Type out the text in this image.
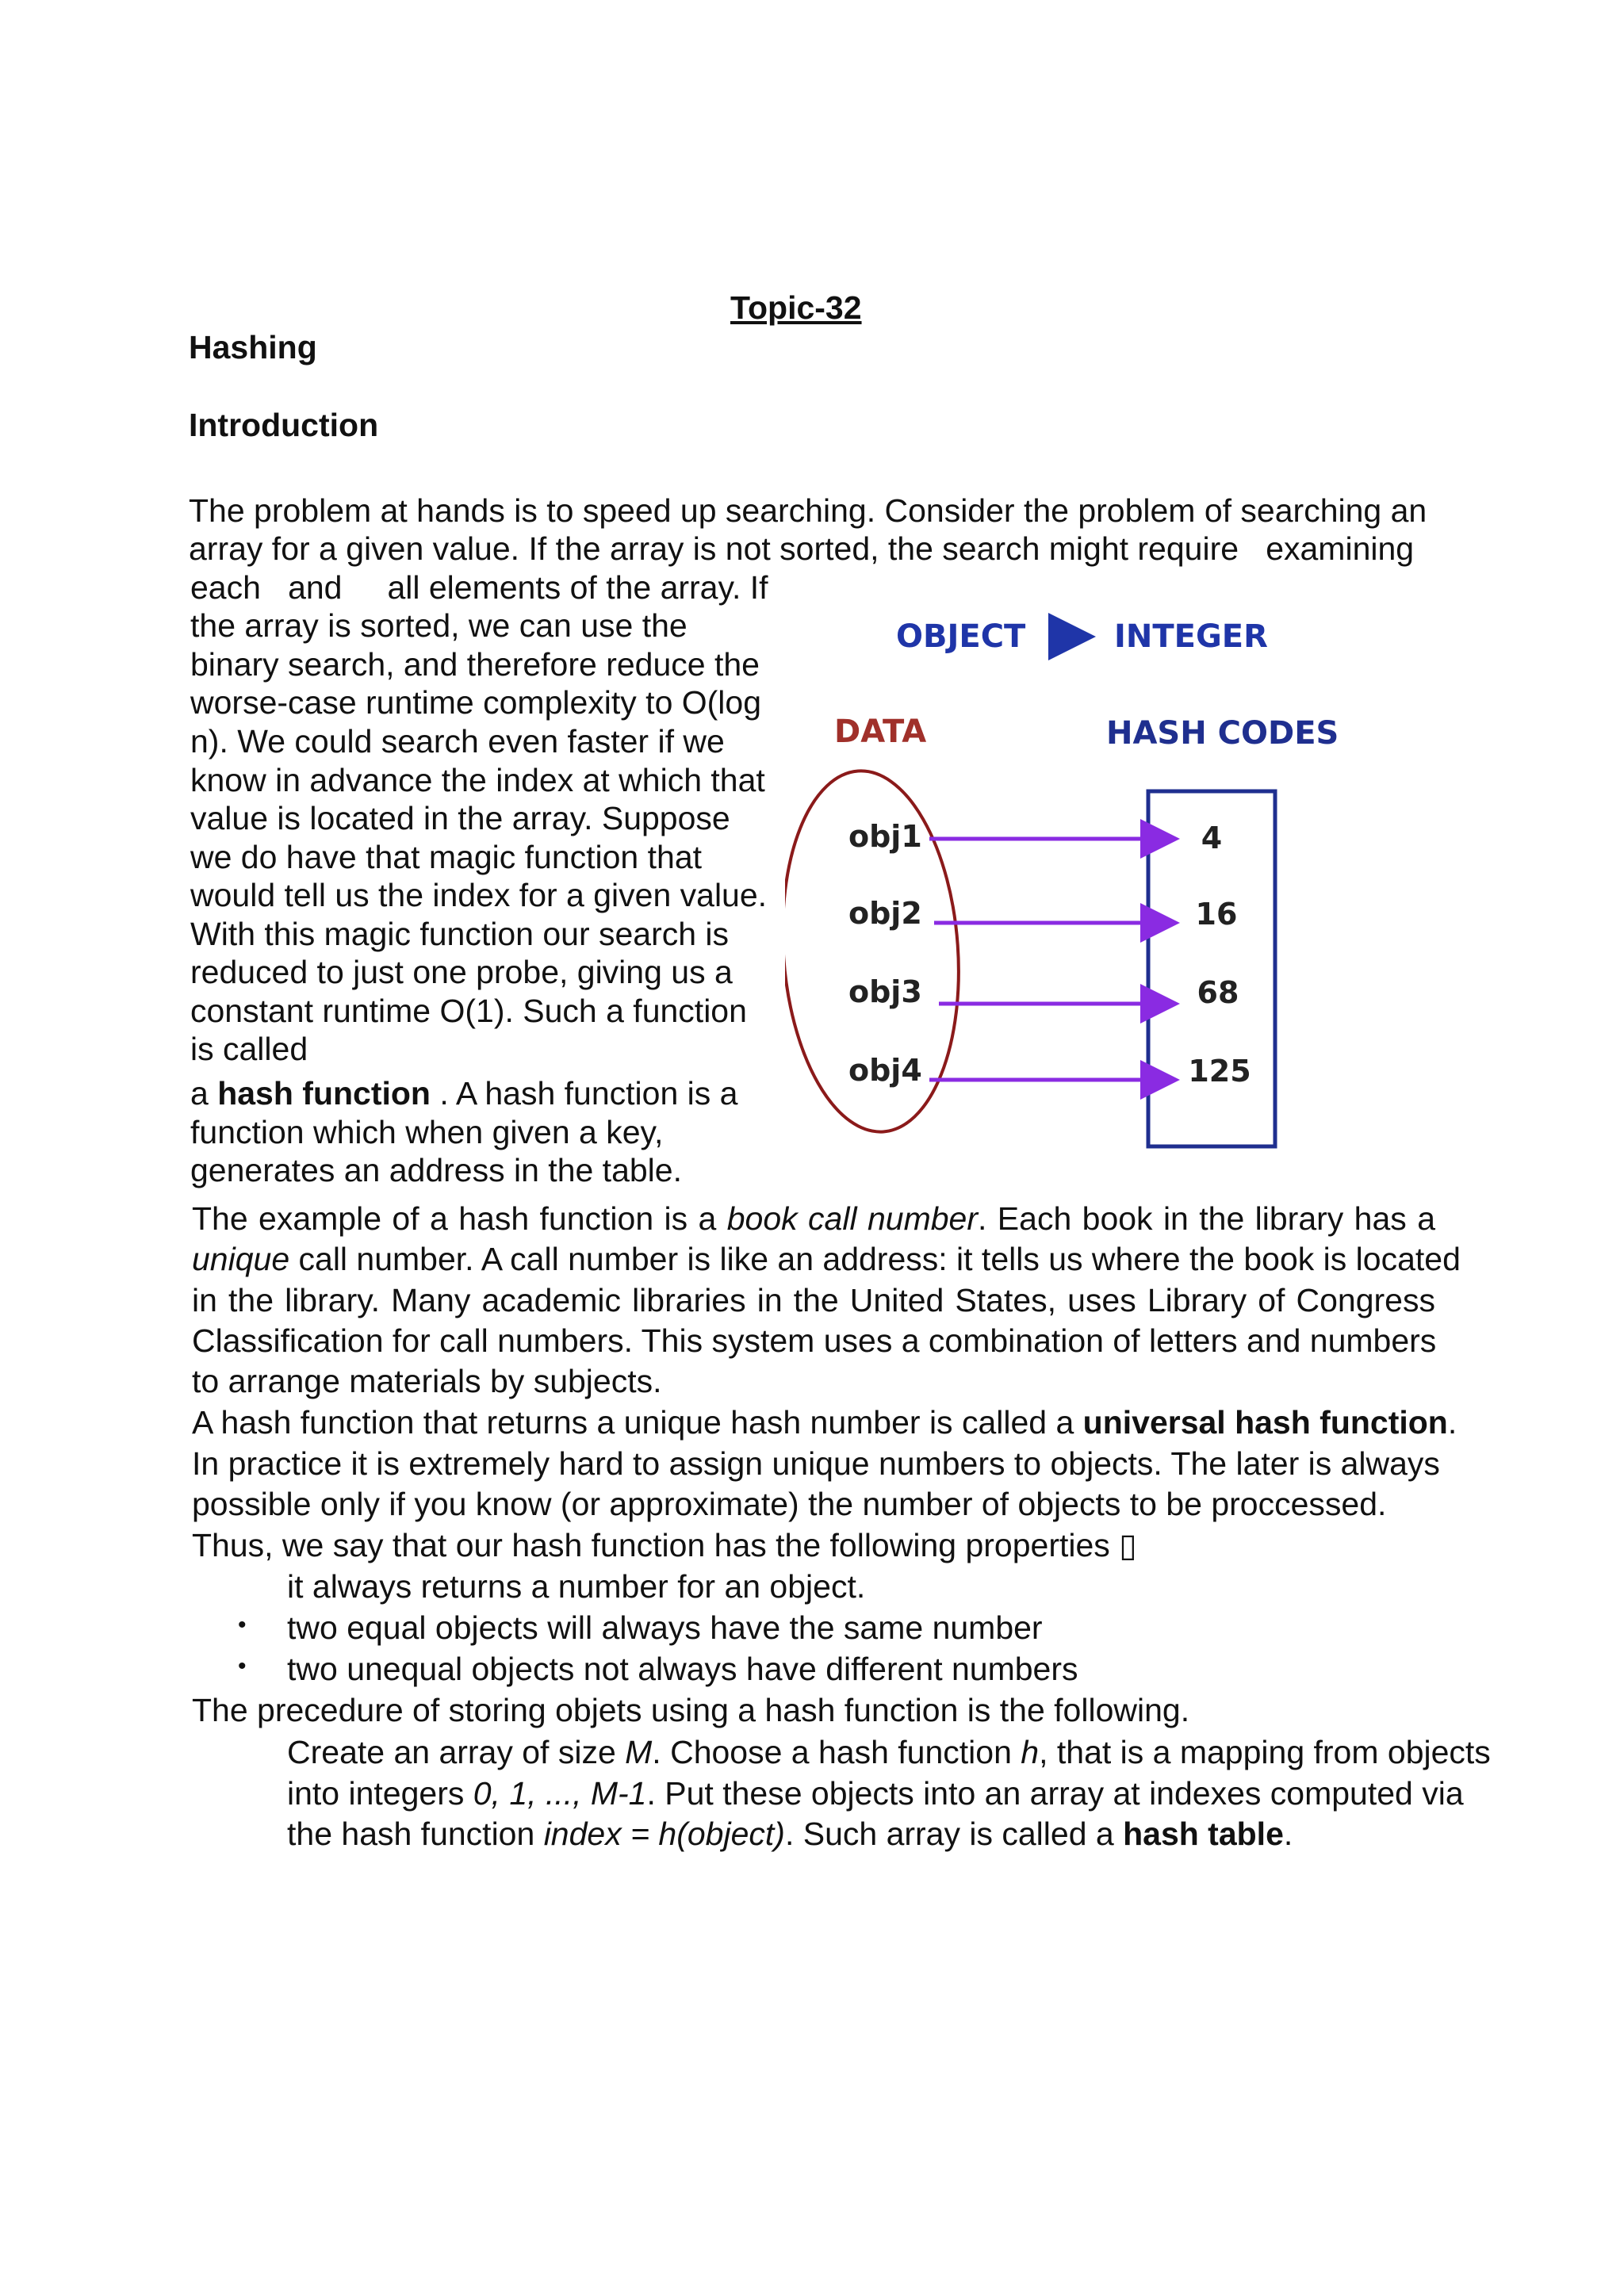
Topic-32
Hashing
Introduction
The problem at hands is to speed up searching. Consider the problem of searching an
array for a given value. If the array is not sorted, the search might require   examining
each   and     all elements of the array. If
the array is sorted, we can use the
binary search, and therefore reduce the
worse-case runtime complexity to O(log
n). We could search even faster if we
know in advance the index at which that
value is located in the array. Suppose
we do have that magic function that
would tell us the index for a given value.
With this magic function our search is
reduced to just one probe, giving us a
constant runtime O(1). Such a function
is called
a hash function . A hash function is a
function which when given a key,
generates an address in the table.
OBJECT	INTEGER
DATA	HASH CODES
obj1	4
obj2	16
obj3	68
obj4	125
The example of a hash function is a book call number. Each book in the library has a
unique call number. A call number is like an address: it tells us where the book is located
in the library. Many academic libraries in the United States, uses Library of Congress
Classification for call numbers. This system uses a combination of letters and numbers
to arrange materials by subjects.
A hash function that returns a unique hash number is called a universal hash function.
In practice it is extremely hard to assign unique numbers to objects. The later is always
possible only if you know (or approximate) the number of objects to be proccessed.
Thus, we say that our hash function has the following properties ▯
it always returns a number for an object.
• two equal objects will always have the same number
• two unequal objects not always have different numbers
The precedure of storing objets using a hash function is the following.
Create an array of size M. Choose a hash function h, that is a mapping from objects
into integers 0, 1, ..., M-1. Put these objects into an array at indexes computed via
the hash function index = h(object). Such array is called a hash table.
